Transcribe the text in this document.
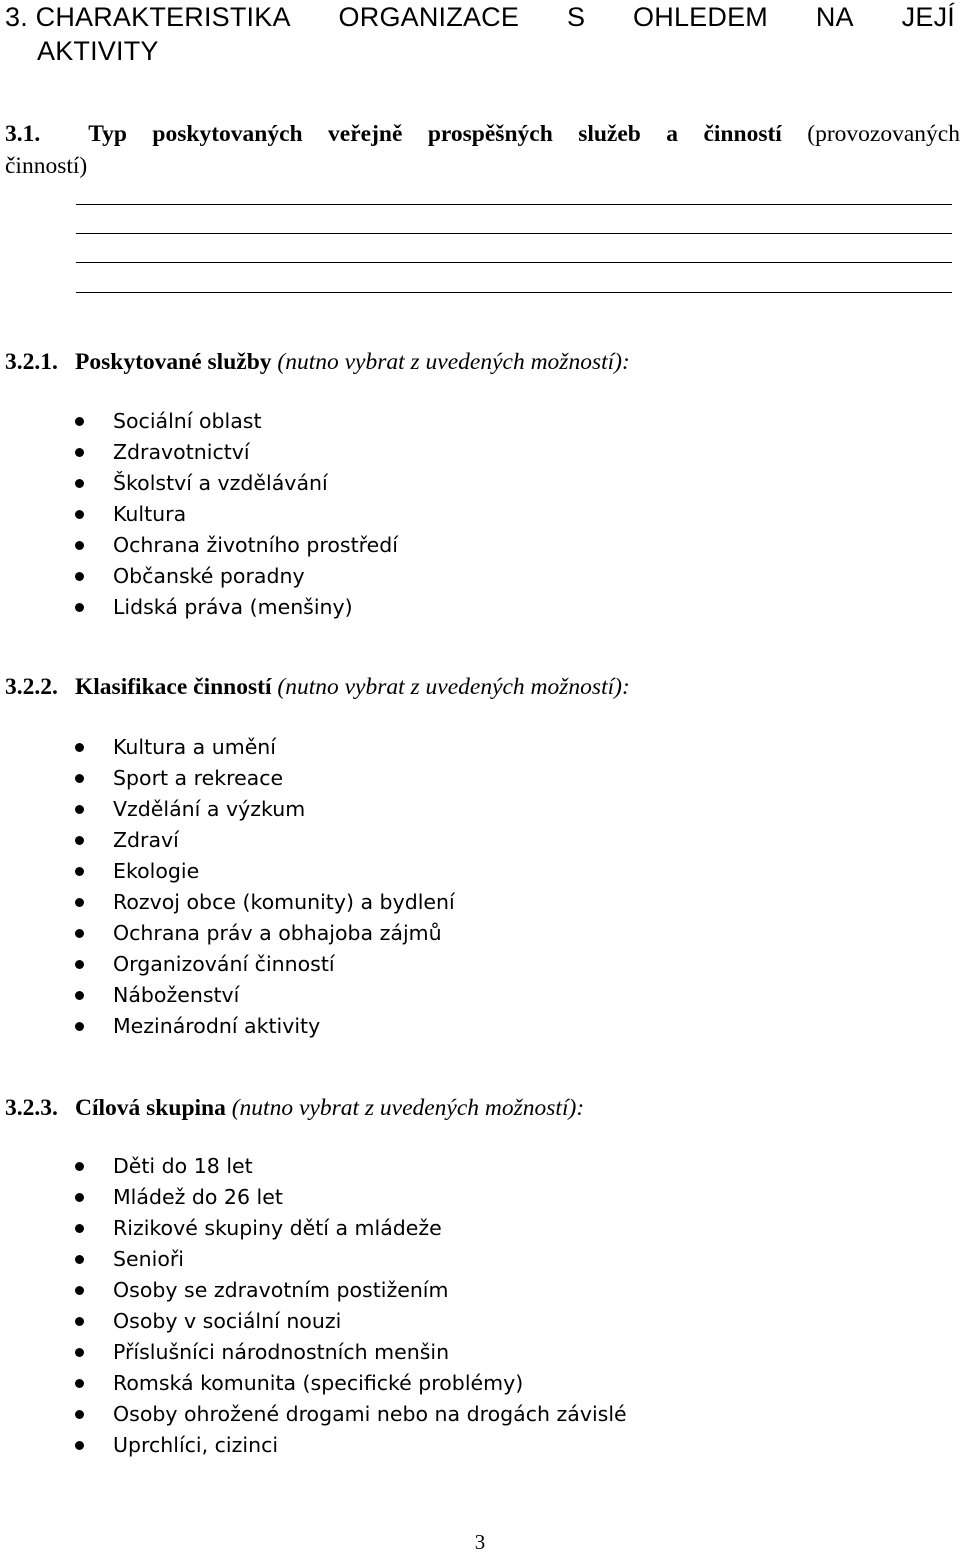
3. CHARAKTERISTIKA ORGANIZACE S OHLEDEM NA JEJÍ
AKTIVITY
3.1. Typ poskytovaných veřejně prospěšných služeb a činností (provozovaných
činností)
3.2.1. Poskytované služby (nutno vybrat z uvedených možností):
Sociální oblast
Zdravotnictví
Školství a vzdělávání
Kultura
Ochrana životního prostředí
Občanské poradny
Lidská práva (menšiny)
3.2.2. Klasifikace činností (nutno vybrat z uvedených možností):
Kultura a umění
Sport a rekreace
Vzdělání a výzkum
Zdraví
Ekologie
Rozvoj obce (komunity) a bydlení
Ochrana práv a obhajoba zájmů
Organizování činností
Náboženství
Mezinárodní aktivity
3.2.3. Cílová skupina (nutno vybrat z uvedených možností):
Děti do 18 let
Mládež do 26 let
Rizikové skupiny dětí a mládeže
Senioři
Osoby se zdravotním postižením
Osoby v sociální nouzi
Příslušníci národnostních menšin
Romská komunita (specifické problémy)
Osoby ohrožené drogami nebo na drogách závislé
Uprchlíci, cizinci
3
